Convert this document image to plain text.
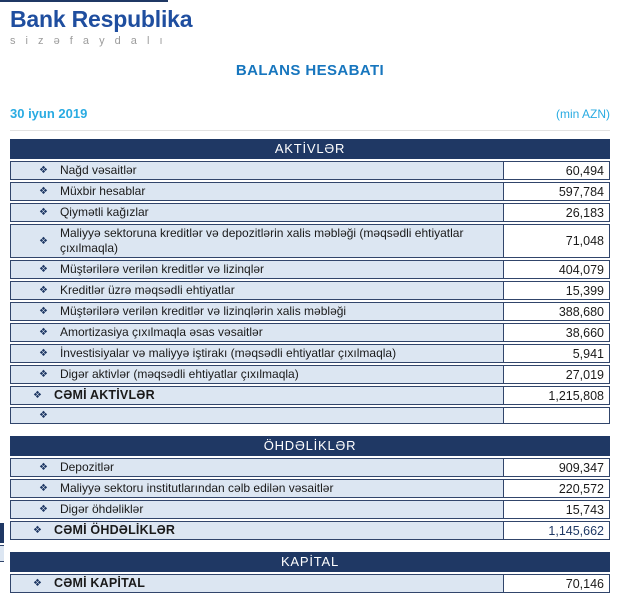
Bank Respublika
s i z ə f a y d a l ı
BALANS HESABATI
30 iyun 2019	(min AZN)
AKTİVLƏR
❖ Nağd vəsaitlər	60,494
❖ Müxbir hesablar	597,784
❖ Qiymətli kağızlar	26,183
❖
Maliyyə sektoruna kreditlər və depozitlərin xalis məbləği (məqsədli ehtiyatlar çıxılmaqla)	71,048
❖ Müştərilərə verilən kreditlər və lizinqlər	404,079
❖ Kreditlər üzrə məqsədli ehtiyatlar	15,399
❖ Müştərilərə verilən kreditlər və lizinqlərin xalis məbləği	388,680
❖ Amortizasiya çıxılmaqla əsas vəsaitlər	38,660
❖ İnvestisiyalar və maliyyə iştirakı (məqsədli ehtiyatlar çıxılmaqla)	5,941
❖ Digər aktivlər (məqsədli ehtiyatlar çıxılmaqla)	27,019
❖ CƏMİ AKTİVLƏR	1,215,808
❖
ÖHDƏLİKLƏR
❖ Depozitlər	909,347
❖ Maliyyə sektoru institutlarından cəlb edilən vəsaitlər	220,572
❖ Digər öhdəliklər	15,743
❖ CƏMİ ÖHDƏLİKLƏR	1,145,662
KAPİTAL
❖ CƏMİ KAPİTAL	70,146
